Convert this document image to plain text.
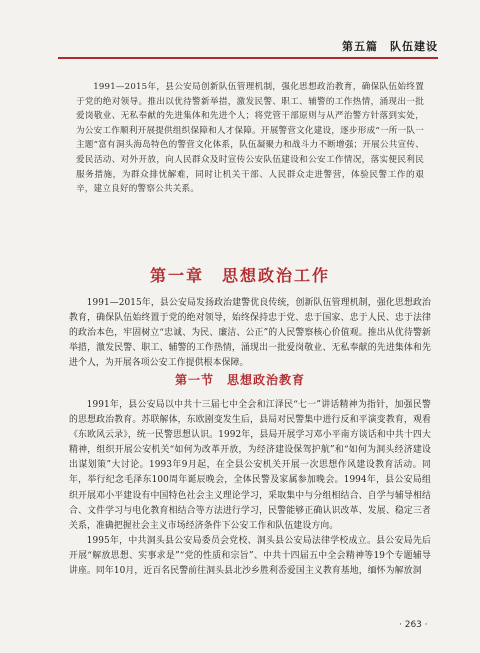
第五篇　队伍建设
1991—2015年，县公安局创新队伍管理机制，强化思想政治教育，确保队伍始终置于党的绝对领导。推出以优待警新举措，激发民警、职工、辅警的工作热情，涌现出一批爱岗敬业、无私奉献的先进集体和先进个人；将党管干部原则与从严治警方针落到实处，为公安工作顺利开展提供组织保障和人才保障。开展警营文化建设，逐步形成“一所一队一主题”富有洞头海岛特色的警营文化体系，队伍凝聚力和战斗力不断增强；开展公共宣传、爱民活动、对外开放，向人民群众及时宣传公安队伍建设和公安工作情况，落实便民利民服务措施，为群众排忧解难，同时让机关干部、人民群众走进警营，体验民警工作的艰辛，建立良好的警察公共关系。
第一章　思想政治工作
1991—2015年，县公安局发扬政治建警优良传统，创新队伍管理机制，强化思想政治教育，确保队伍始终置于党的绝对领导，始终保持忠于党、忠于国家、忠于人民、忠于法律的政治本色，牢固树立“忠诚、为民、廉洁、公正”的人民警察核心价值观。推出从优待警新举措，激发民警、职工、辅警的工作热情，涌现出一批爱岗敬业、无私奉献的先进集体和先进个人，为开展各项公安工作提供根本保障。
第一节　思想政治教育

1991年，县公安局以中共十三届七中全会和江泽民“七一”讲话精神为指针，加强民警的思想政治教育。苏联解体，东欧剧变发生后，县局对民警集中进行反和平演变教育，观看《东欧风云录》，统一民警思想认识。1992年，县局开展学习邓小平南方谈话和中共十四大精神，组织开展公安机关“如何为改革开放，为经济建设保驾护航”和“如何为洞头经济建设出谋划策”大讨论。1993年9月起，在全县公安机关开展一次思想作风建设教育活动。同年，举行纪念毛泽东100周年诞辰晚会，全体民警及家属参加晚会。1994年，县公安局组织开展邓小平建设有中国特色社会主义理论学习，采取集中与分组相结合、自学与辅导相结合、文件学习与电化教育相结合等方法进行学习，民警能够正确认识改革、发展、稳定三者关系，准确把握社会主义市场经济条件下公安工作和队伍建设方向。

1995年，中共洞头县公安局委员会党校、洞头县公安局法律学校成立。县公安局先后开展“解放思想、实事求是”“党的性质和宗旨”、中共十四届五中全会精神等19个专题辅导讲座。同年10月，近百名民警前往洞头县北沙乡胜利岙爱国主义教育基地，缅怀为解放洞

· 263 ·
